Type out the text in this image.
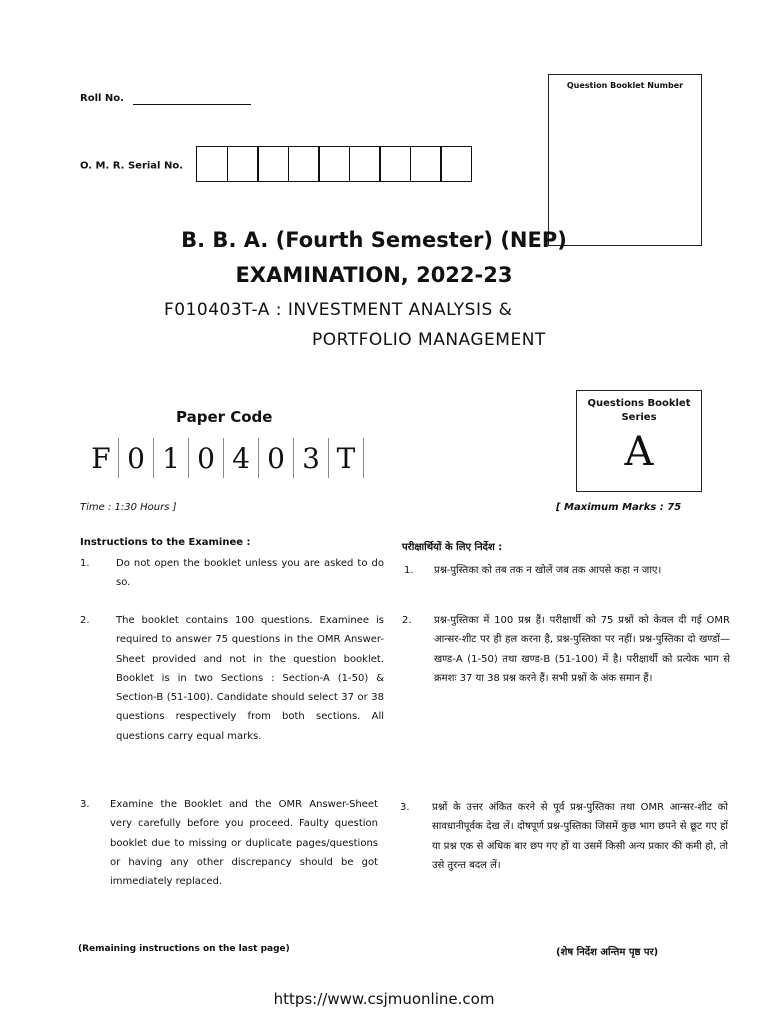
Roll No.
O. M. R. Serial No.
Question Booklet Number
B. B. A. (Fourth Semester) (NEP)
EXAMINATION, 2022-23
F010403T-A : INVESTMENT ANALYSIS &
PORTFOLIO MANAGEMENT
Paper Code
F 0 1 0 4 0 3 T
Questions Booklet
Series
A
Time : 1:30 Hours ]	[ Maximum Marks : 75
Instructions to the Examinee :
1.	Do not open the booklet unless you are asked to do so.
2.	The booklet contains 100 questions. Examinee is required to answer 75 questions in the OMR Answer-Sheet provided and not in the question booklet. Booklet is in two Sections : Section-A (1-50) & Section-B (51-100). Candidate should select 37 or 38 questions respectively from both sections. All questions carry equal marks.
3. Examine the Booklet and the OMR Answer-Sheet very carefully before you proceed. Faulty question booklet due to missing or duplicate pages/questions or having any other discrepancy should be got immediately replaced.
परीक्षार्थियों के लिए निर्देश :
1. प्रश्न-पुस्तिका को तब तक न खोलें जब तक आपसे कहा न जाए।
2. प्रश्न-पुस्तिका में 100 प्रश्न हैं। परीक्षार्थी को 75 प्रश्नों को केवल दी गई OMR आन्सर-शीट पर ही हल करना है, प्रश्न-पुस्तिका पर नहीं। प्रश्न-पुस्तिका दो खण्डों—खण्ड-A (1-50) तथा खण्ड-B (51-100) में है। परीक्षार्थी को प्रत्येक भाग से क्रमशः 37 या 38 प्रश्न करने हैं। सभी प्रश्नों के अंक समान हैं।
3. प्रश्नों के उत्तर अंकित करने से पूर्व प्रश्न-पुस्तिका तथा OMR आन्सर-शीट को सावधानीपूर्वक देख लें। दोषपूर्ण प्रश्न-पुस्तिका जिसमें कुछ भाग छपने से छूट गए हों या प्रश्न एक से अधिक बार छप गए हों या उसमें किसी अन्य प्रकार की कमी हो, तो उसे तुरन्त बदल लें।
(Remaining instructions on the last page)	(शेष निर्देश अन्तिम पृष्ठ पर)
https://www.csjmuonline.com
